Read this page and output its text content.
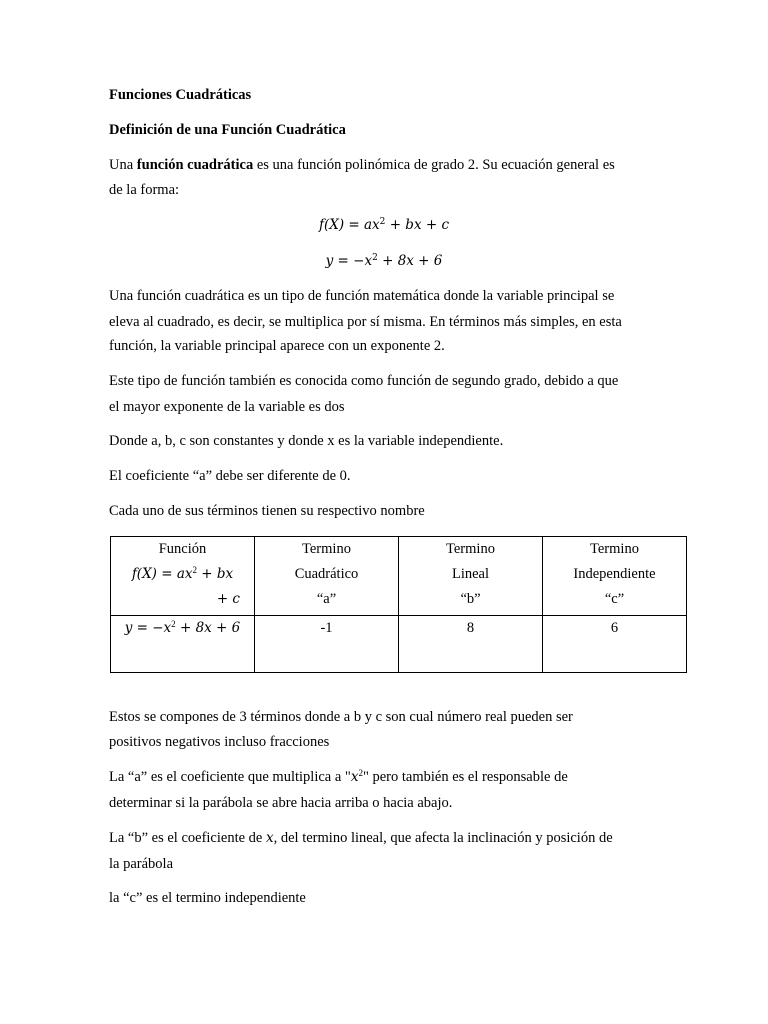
Funciones Cuadráticas
Definición de una Función Cuadrática
Una función cuadrática es una función polinómica de grado 2. Su ecuación general es
de la forma:
$f(X) = ax^2$ + bx + c
$y = -x^2 + 8x + 6$
Una función cuadrática es un tipo de función matemática donde la variable principal se
eleva al cuadrado, es decir, se multiplica por sí misma. En términos más simples, en esta
función, la variable principal aparece con un exponente 2.
Este tipo de función también es conocida como función de segundo grado, debido a que
el mayor exponente de la variable es dos
Donde a, b, c son constantes y donde x es la variable independiente.
El coeficiente “a” debe ser diferente de 0.
Cada uno de sus términos tienen su respectivo nombre
Función
$f(X) = ax^2$ + bx
+ c	Termino
Cuadrático
“a”	Termino
Lineal
“b”	Termino
Independiente
“c”

$y = -x^2 + 8x + 6$	-1	8	6
Estos se compones de 3 términos donde a b y c son cual número real pueden ser
positivos negativos incluso fracciones
La “a” es el coeficiente que multiplica a "$x^2$" pero también es el responsable de
determinar si la parábola se abre hacia arriba o hacia abajo.
La “b” es el coeficiente de x, del termino lineal, que afecta la inclinación y posición de
la parábola
la “c” es el termino independiente
